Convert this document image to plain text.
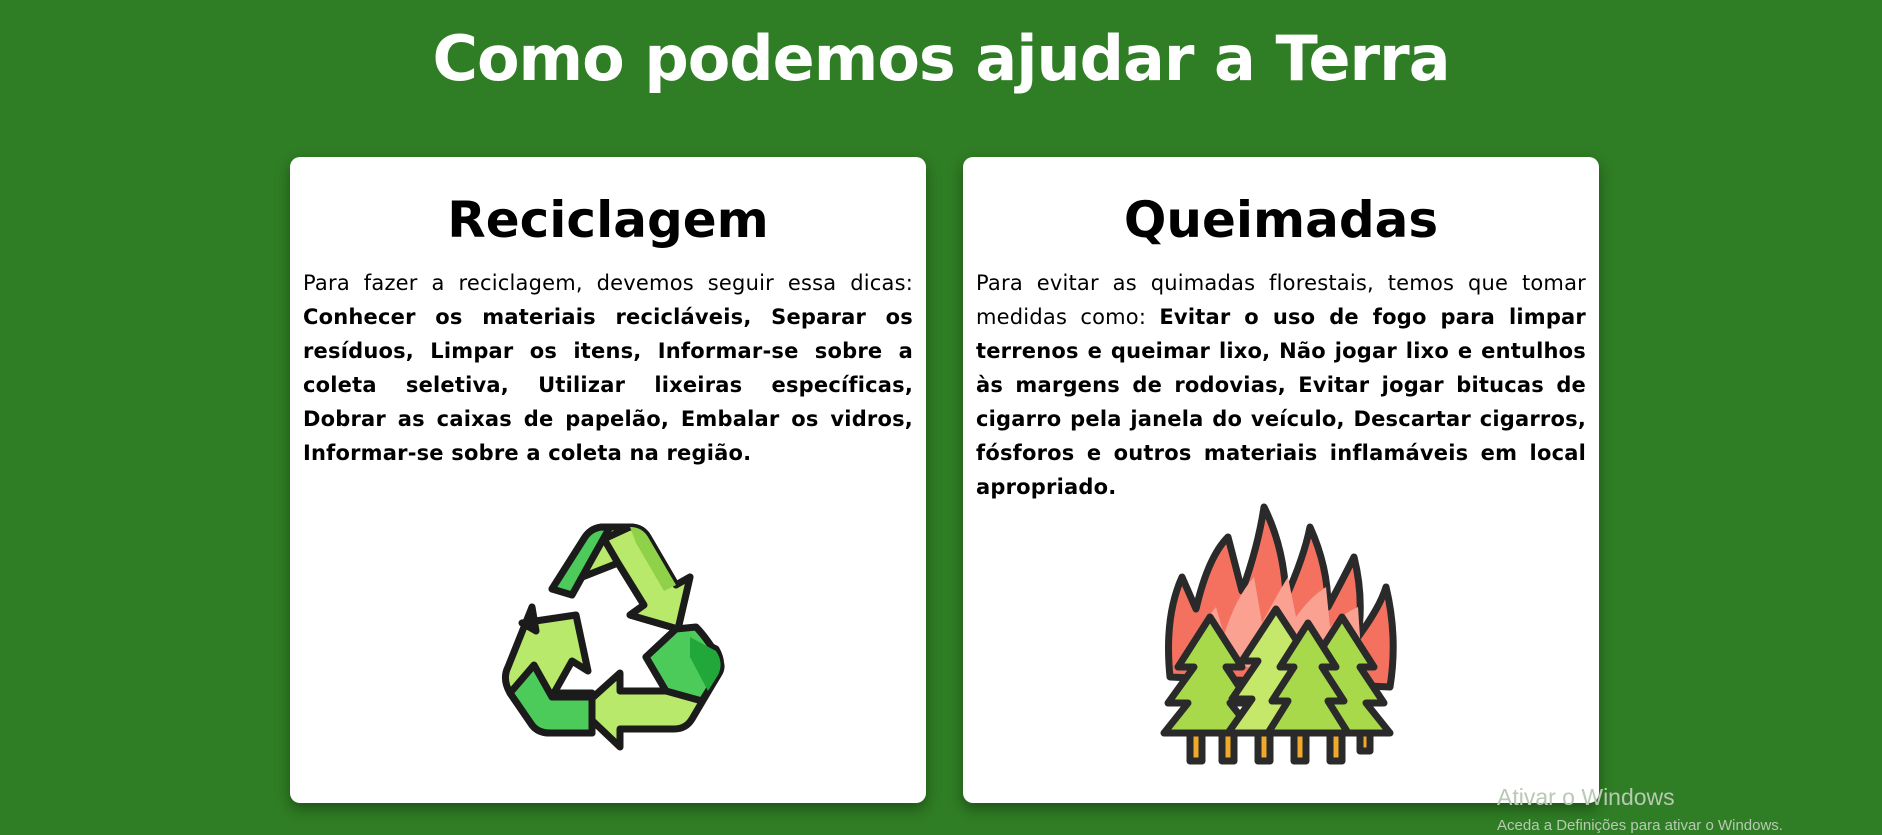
Como podemos ajudar a Terra
Reciclagem

Para fazer a reciclagem, devemos seguir essa dicas: Conhecer os materiais recicláveis, Separar os resíduos, Limpar os itens, Informar-se sobre a coleta seletiva, Utilizar lixeiras específicas, Dobrar as caixas de papelão, Embalar os vidros, Informar-se sobre a coleta na região.

Queimadas

Para evitar as quimadas florestais, temos que tomar medidas como: Evitar o uso de fogo para limpar terrenos e queimar lixo, Não jogar lixo e entulhos às margens de rodovias, Evitar jogar bitucas de cigarro pela janela do veículo, Descartar cigarros, fósforos e outros materiais inflamáveis em local apropriado.

Ativar o Windows
Aceda a Definições para ativar o Windows.
